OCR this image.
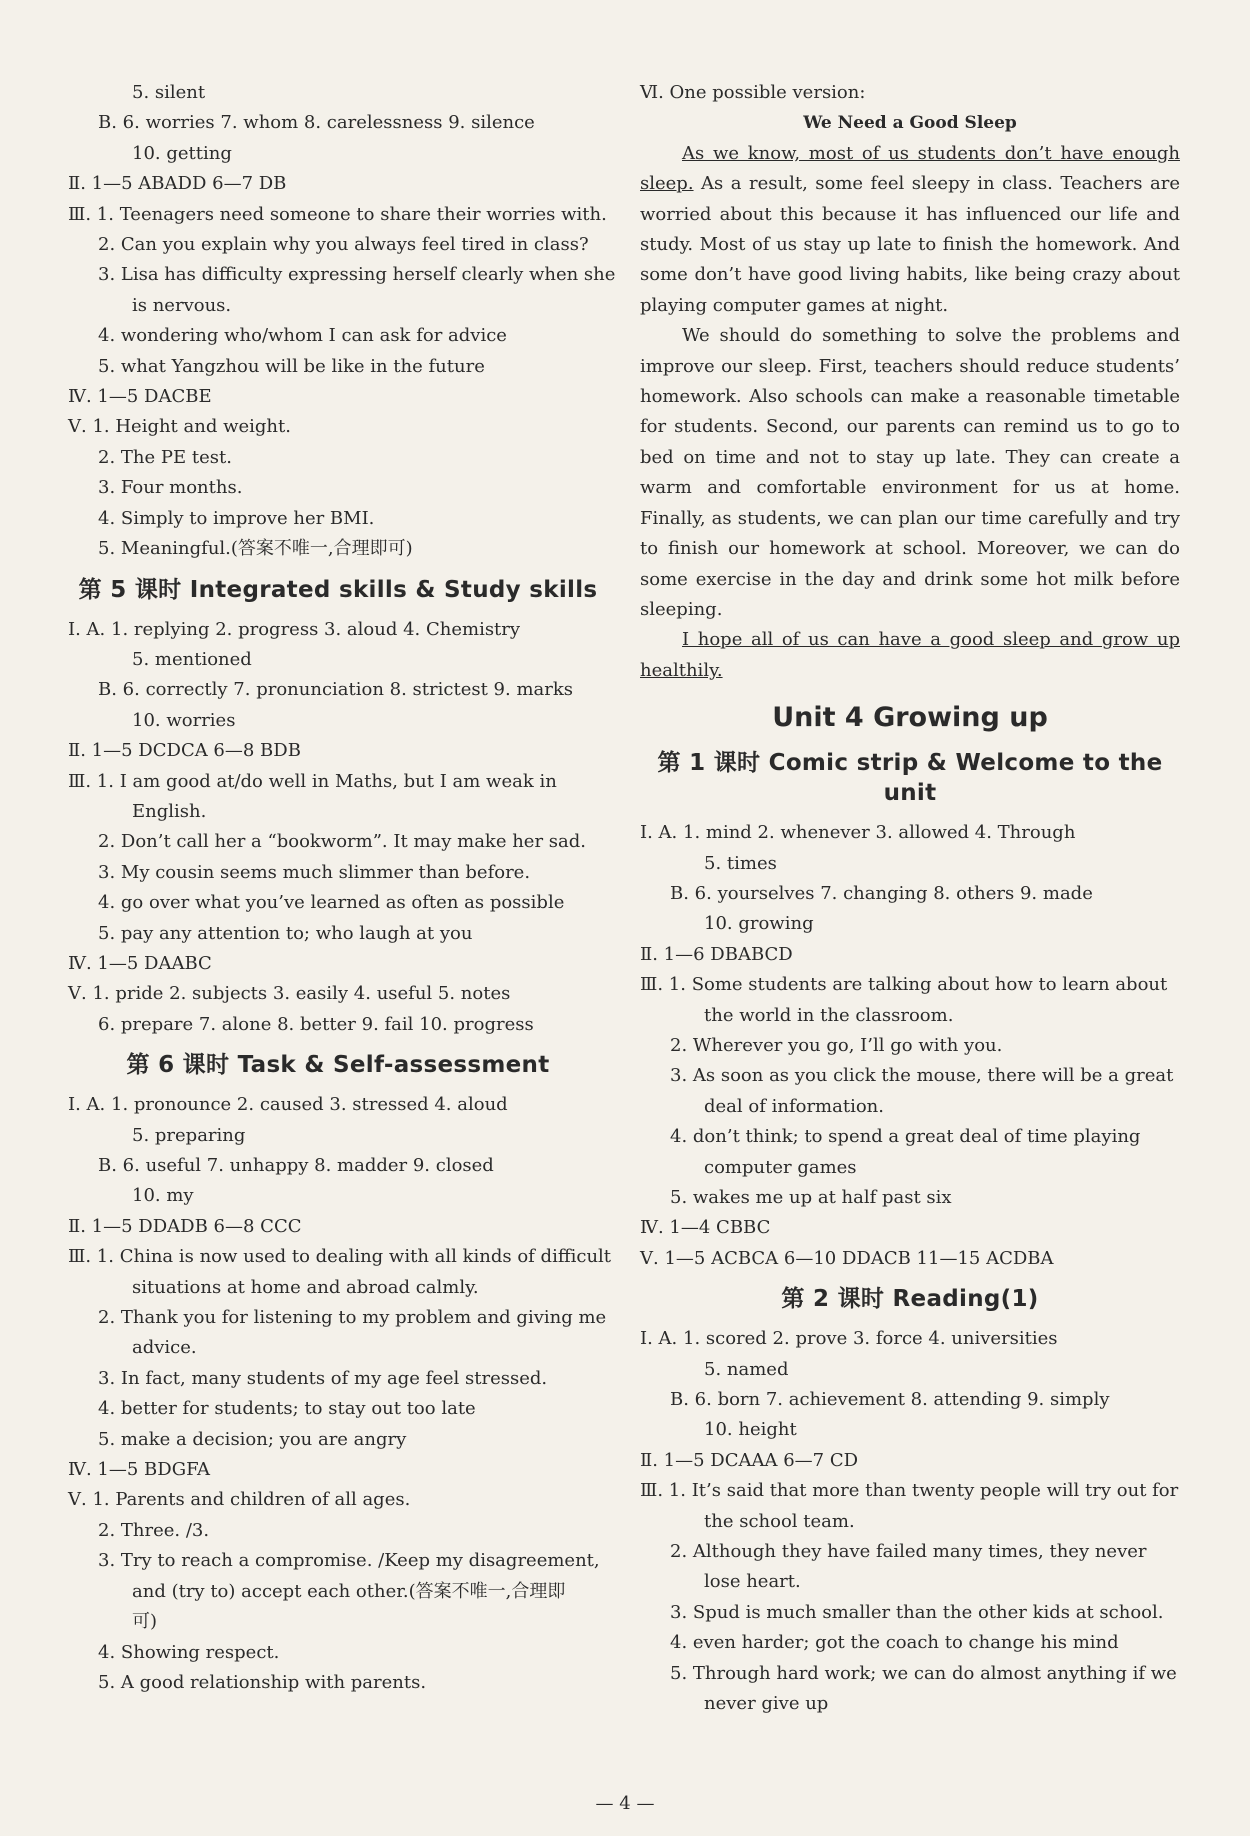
5. silent
B. 6. worries 7. whom 8. carelessness 9. silence
10. getting
Ⅱ. 1—5 ABADD 6—7 DB
Ⅲ. 1. Teenagers need someone to share their worries with.
2. Can you explain why you always feel tired in class?
3. Lisa has difficulty expressing herself clearly when she
is nervous.
4. wondering who/whom I can ask for advice
5. what Yangzhou will be like in the future
Ⅳ. 1—5 DACBE
Ⅴ. 1. Height and weight.
2. The PE test.
3. Four months.
4. Simply to improve her BMI.
5. Meaningful.(答案不唯一,合理即可)
第 5 课时 Integrated skills & Study skills
Ⅰ. A. 1. replying 2. progress 3. aloud 4. Chemistry
5. mentioned
B. 6. correctly 7. pronunciation 8. strictest 9. marks
10. worries
Ⅱ. 1—5 DCDCA 6—8 BDB
Ⅲ. 1. I am good at/do well in Maths, but I am weak in
English.
2. Don’t call her a “bookworm”. It may make her sad.
3. My cousin seems much slimmer than before.
4. go over what you’ve learned as often as possible
5. pay any attention to; who laugh at you
Ⅳ. 1—5 DAABC
Ⅴ. 1. pride 2. subjects 3. easily 4. useful 5. notes
6. prepare 7. alone 8. better 9. fail 10. progress
第 6 课时 Task & Self-assessment
Ⅰ. A. 1. pronounce 2. caused 3. stressed 4. aloud
5. preparing
B. 6. useful 7. unhappy 8. madder 9. closed
10. my
Ⅱ. 1—5 DDADB 6—8 CCC
Ⅲ. 1. China is now used to dealing with all kinds of difficult
situations at home and abroad calmly.
2. Thank you for listening to my problem and giving me
advice.
3. In fact, many students of my age feel stressed.
4. better for students; to stay out too late
5. make a decision; you are angry
Ⅳ. 1—5 BDGFA
Ⅴ. 1. Parents and children of all ages.
2. Three. /3.
3. Try to reach a compromise. /Keep my disagreement,
and (try to) accept each other.(答案不唯一,合理即
可)
4. Showing respect.
5. A good relationship with parents.
Ⅵ. One possible version:
We Need a Good Sleep
As we know, most of us students don’t have enough sleep. As a result, some feel sleepy in class. Teachers are worried about this because it has influenced our life and study. Most of us stay up late to finish the homework. And some don’t have good living habits, like being crazy about playing computer games at night.
We should do something to solve the problems and improve our sleep. First, teachers should reduce students’ homework. Also schools can make a reasonable timetable for students. Second, our parents can remind us to go to bed on time and not to stay up late. They can create a warm and comfortable environment for us at home. Finally, as students, we can plan our time carefully and try to finish our homework at school. Moreover, we can do some exercise in the day and drink some hot milk before sleeping.
I hope all of us can have a good sleep and grow up healthily.
Unit 4 Growing up
第 1 课时 Comic strip & Welcome to the unit
Ⅰ. A. 1. mind 2. whenever 3. allowed 4. Through
5. times
B. 6. yourselves 7. changing 8. others 9. made
10. growing
Ⅱ. 1—6 DBABCD
Ⅲ. 1. Some students are talking about how to learn about
the world in the classroom.
2. Wherever you go, I’ll go with you.
3. As soon as you click the mouse, there will be a great
deal of information.
4. don’t think; to spend a great deal of time playing
computer games
5. wakes me up at half past six
Ⅳ. 1—4 CBBC
Ⅴ. 1—5 ACBCA 6—10 DDACB 11—15 ACDBA
第 2 课时 Reading(1)
Ⅰ. A. 1. scored 2. prove 3. force 4. universities
5. named
B. 6. born 7. achievement 8. attending 9. simply
10. height
Ⅱ. 1—5 DCAAA 6—7 CD
Ⅲ. 1. It’s said that more than twenty people will try out for
the school team.
2. Although they have failed many times, they never
lose heart.
3. Spud is much smaller than the other kids at school.
4. even harder; got the coach to change his mind
5. Through hard work; we can do almost anything if we
never give up
— 4 —
